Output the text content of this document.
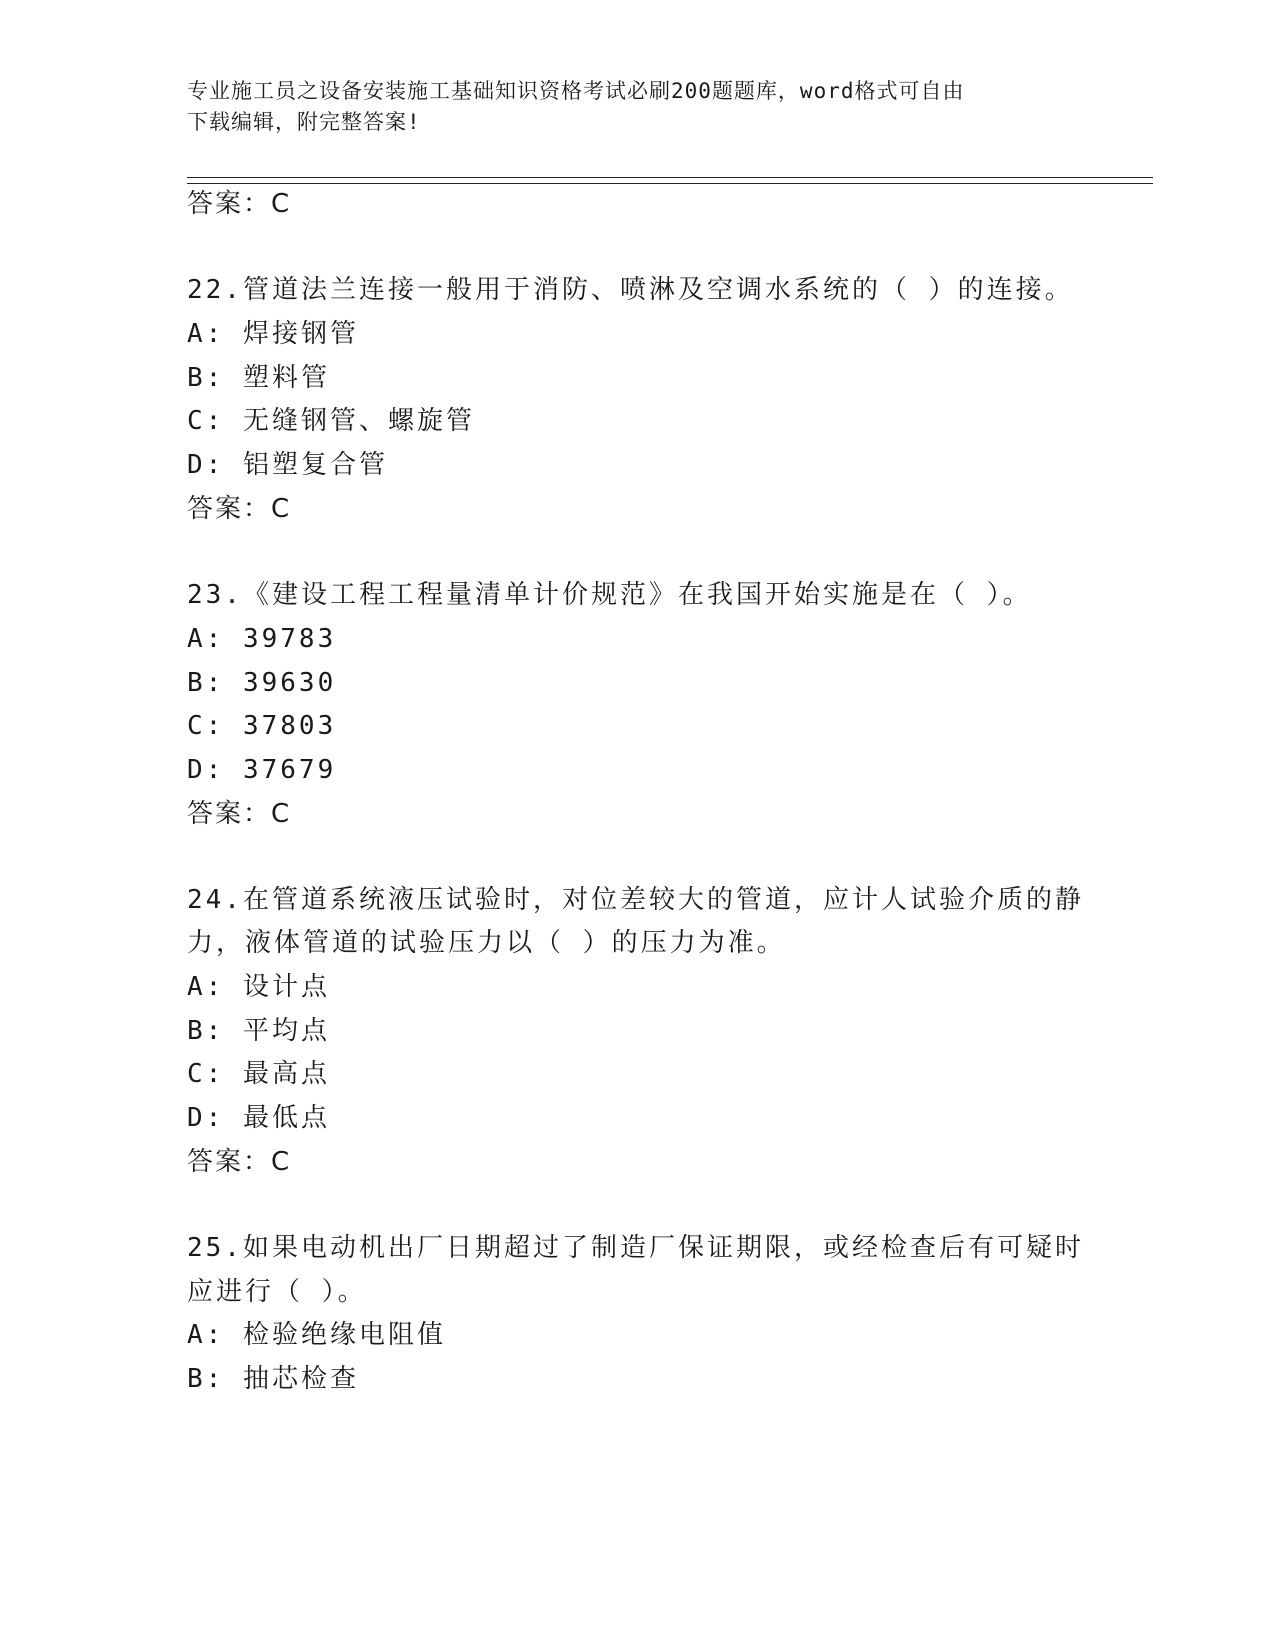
专业施工员之设备安装施工基础知识资格考试必刷200题题库，word格式可自由
下载编辑，附完整答案!
答案：C
22.管道法兰连接一般用于消防、喷淋及空调水系统的（ ）的连接。
A: 焊接钢管
B: 塑料管
C: 无缝钢管、螺旋管
D: 铝塑复合管
答案：C
23.《建设工程工程量清单计价规范》在我国开始实施是在（ ）。
A: 39783
B: 39630
C: 37803
D: 37679
答案：C
24.在管道系统液压试验时，对位差较大的管道，应计人试验介质的静
力，液体管道的试验压力以（ ）的压力为准。
A: 设计点
B: 平均点
C: 最高点
D: 最低点
答案：C
25.如果电动机出厂日期超过了制造厂保证期限，或经检查后有可疑时
应进行（ ）。
A: 检验绝缘电阻值
B: 抽芯检查
